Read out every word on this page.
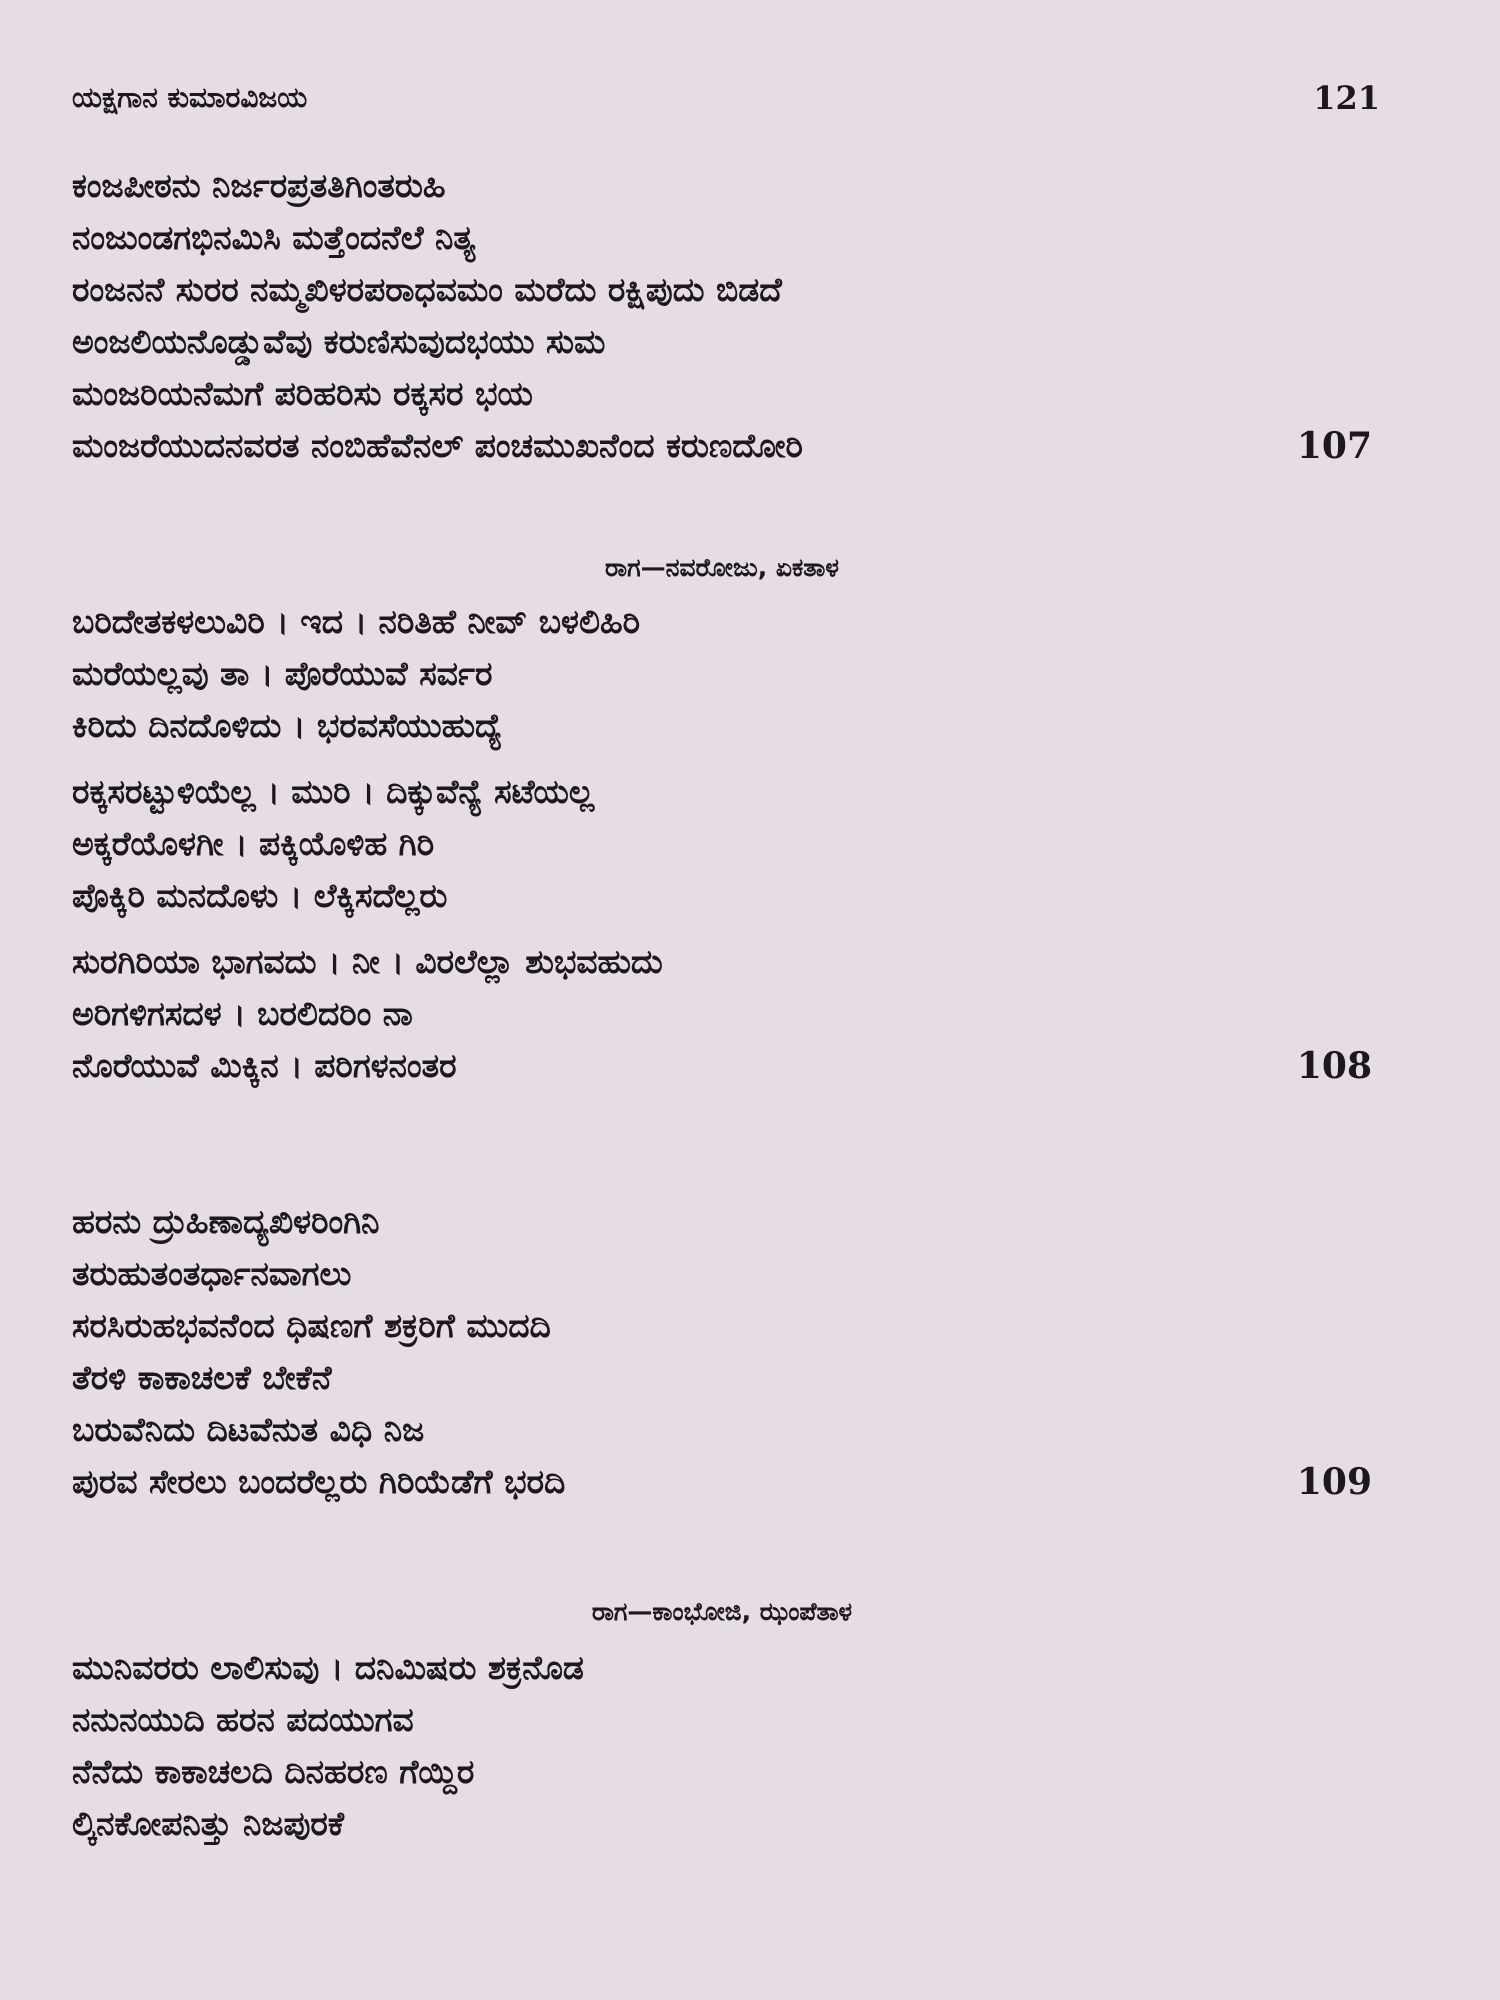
ಯಕ್ಷಗಾನ ಕುಮಾರವಿಜಯ	121
ಕಂಜಪೀಠನು ನಿರ್ಜರಪ್ರತತಿಗಿಂತರುಹಿ
ನಂಜುಂಡಗಭಿನಮಿಸಿ ಮತ್ತೆಂದನೆಲೆ ನಿತ್ಯ
ರಂಜನನೆ ಸುರರ ನಮ್ಮಖಿಳರಪರಾಧವಮಂ ಮರೆದು ರಕ್ಷಿಪುದು ಬಿಡದೆ
ಅಂಜಲಿಯನೊಡ್ಡುವೆವು ಕರುಣಿಸುವುದಭಯು ಸುಮ
ಮಂಜರಿಯನೆಮಗೆ ಪರಿಹರಿಸು ರಕ್ಕಸರ ಭಯ
ಮಂಜರೆಯುದನವರತ ನಂಬಿಹೆವೆನಲ್ ಪಂಚಮುಖನೆಂದ ಕರುಣದೋರಿ	107
ರಾಗ—ನವರೋಜು, ಏಕತಾಳ
ಬರಿದೇತಕಳಲುವಿರಿ । ಇದ । ನರಿತಿಹೆ ನೀವ್ ಬಳಲಿಹಿರಿ
ಮರೆಯಲ್ಲವು ತಾ । ಪೊರೆಯುವೆ ಸರ್ವರ
ಕಿರಿದು ದಿನದೊಳಿದು । ಭರವಸೆಯುಹುದ್ಯೆ
ರಕ್ಕಸರಟ್ಟುಳಿಯೆಲ್ಲ । ಮುರಿ । ದಿಕ್ಕುವೆನ್ಯೆ ಸಟೆಯಲ್ಲ
ಅಕ್ಕರೆಯೊಳಗೀ । ಪಕ್ಕಿಯೊಳಿಹ ಗಿರಿ
ಪೊಕ್ಕಿರಿ ಮನದೊಳು । ಲೆಕ್ಕಿಸದೆಲ್ಲರು
ಸುರಗಿರಿಯಾ ಭಾಗವದು । ನೀ । ವಿರಲೆಲ್ಲಾ ಶುಭವಹುದು
ಅರಿಗಳಿಗಸದಳ । ಬರಲಿದರಿಂ ನಾ
ನೊರೆಯುವೆ ಮಿಕ್ಕಿನ । ಪರಿಗಳನಂತರ	108
ಹರನು ದ್ರುಹಿಣಾದ್ಯಖಿಳರಿಂಗಿನಿ
ತರುಹುತಂತರ್ಧಾನವಾಗಲು
ಸರಸಿರುಹಭವನೆಂದ ಧಿಷಣಗೆ ಶಕ್ರರಿಗೆ ಮುದದಿ
ತೆರಳಿ ಕಾಕಾಚಲಕೆ ಬೇಕೆನೆ
ಬರುವೆನಿದು ದಿಟವೆನುತ ವಿಧಿ ನಿಜ
ಪುರವ ಸೇರಲು ಬಂದರೆಲ್ಲರು ಗಿರಿಯೆಡೆಗೆ ಭರದಿ	109
ರಾಗ—ಕಾಂಭೋಜಿ, ಝಂಪೆತಾಳ
ಮುನಿವರರು ಲಾಲಿಸುವು । ದನಿಮಿಷರು ಶಕ್ರನೊಡ
ನನುನಯುದಿ ಹರನ ಪದಯುಗವ
ನೆನೆದು ಕಾಕಾಚಲದಿ ದಿನಹರಣ ಗೆಯ್ದಿರ
ಲ್ಕಿನಕೋಪನಿತ್ತು ನಿಜಪುರಕೆ
